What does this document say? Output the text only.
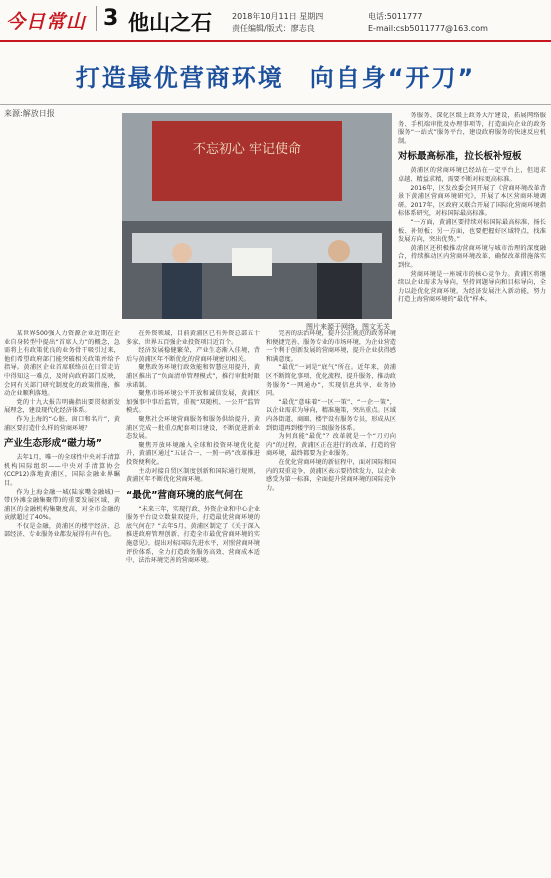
今日常山 3 他山之石	2018年10月11日 星期四
责任编辑/版式：廖志良
电话:5011777
E-mail:csb5011777@163.com
打造最优营商环境　向自身“开刀”
来源:解放日报
不忘初心 牢记使命
图片来源于网络，图文无关

某世界500强人力资源企业近期在企业自身转型中提出“首席人力”的概念，急需将上有政策优良的业务骨干吸引过来，他们希望政府部门能突破相关政策并给予指导。黄浦区企业首席联络员在日常走访中得知这一难点，及时向政府部门反映，会同有关部门研究制度化的政策措施，推动企业顺利落地。

党的十九大报告明确指出要贯彻新发展理念，建设现代化经济体系。

作为上海的“心脏、窗口和名片”，黄浦区要打造什么样的营商环境？

产业生态形成“磁力场”

去年1月，唯一的全球性中央对手清算机构国际组织——中央对手清算协会(CCP12)落地黄浦区，国际金融业界瞩目。

作为上海金融一城(陆家嘴金融城)一带(外滩金融集聚带)的重要发展区域，黄浦区的金融机构集聚度高，对全市金融的贡献超过了40%。

不仅是金融，黄浦区的楼宇经济、总部经济、专业服务业都发展得有声有色。

在外资领域，目前黄浦区已有外资总部五十多家、世界五百强企业投资项目近百个。

经济发展稳健繁荣，产业生态渐入佳境，背后与黄浦区年不断优化的营商环境密切相关。

聚焦政务环境行政效能和智慧应用提升，黄浦区推出了“负面清单管理模式”，推行审批时限承诺制。

聚焦市场环境公平开放和诚信发展，黄浦区加强事中事后监管，重视“双随机、一公开”监管模式。

聚焦社会环境营商服务和服务供给提升，黄浦区完成一批重点配套项目建设，不断促进新业态发展。

聚焦开放环境融入全球和投资环境优化提升，黄浦区通过“五证合一、一照一码”改革推进投资便利化。

主动对接自贸区制度创新和国际通行规则，黄浦区年不断优化营商环境。

“最优”营商环境的底气何在

“未来三年，实现行政、外资企业和中心企业服务平台设立数量双提升，打造最优营商环境的底气何在？”去年5月，黄浦区制定了《关于深入推进政府管理创新、打造全市最优营商环境的实施意见》，提出对标国际先进水平，对照营商环境评价体系，全力打造政务服务高效、营商成本适中、法治环境完善的营商环境。

完善的法治环境，提升公正规范的政务环境和便捷完善、服务专业的市场环境，为企业营造一个利于创新发展的营商环境，提升企业获得感和满意度。

“最优”一词是“底气”所在。近年来，黄浦区不断简化事项、优化流程、提升服务，推动政务服务“一网通办”，实现信息共享、业务协同。

“最优”意味着“一区一策”、“一企一策”，以企业需求为导向，精准施策，突出重点。区域内各街道、商圈、楼宇设有服务专员，形成从区到街道再到楼宇的三级服务体系。

为何真能“最优”？改革就是一个“刀刃向内”的过程，黄浦区正在进行的改革，打造的营商环境，最终都要为企业服务。

在优化营商环境的新征程中，面对国际和国内的双重竞争，黄浦区表示要持续发力，以企业感受为第一标准，全面提升营商环境的国际竞争力。

务服务、深化区级上政务大厅建设，拓展网络服务、手机端审批及办理事项等，打造面向企业的政务服务“一站式”服务平台，建设政府服务的快速反应机制。

对标最高标准，拉长板补短板

黄浦区的营商环境已经站在一定平台上，但追求卓越、精益求精，需要不断对标更高标准。

2016年，区发改委会同开展了《营商环境改革背景下黄浦区营商环境研究》，开展了本区营商环境调研。2017年，区政府又联合开展了国际化营商环境指标体系研究，对标国际最高标准。

“一方面，黄浦区要持续对标国际最高标准，扬长板、补短板；另一方面，也要把握好区域特点，找准发展方向，突出优势。”

黄浦区还积极推动营商环境与城市治理的深度融合，持续推动区内营商环境改革，确保改革措施落实到位。

营商环境是一座城市的核心竞争力。黄浦区将继续以企业需求为导向，坚持问题导向和目标导向，全力以赴优化营商环境，为经济发展注入新动能，努力打造上海营商环境的“最优”样本。
